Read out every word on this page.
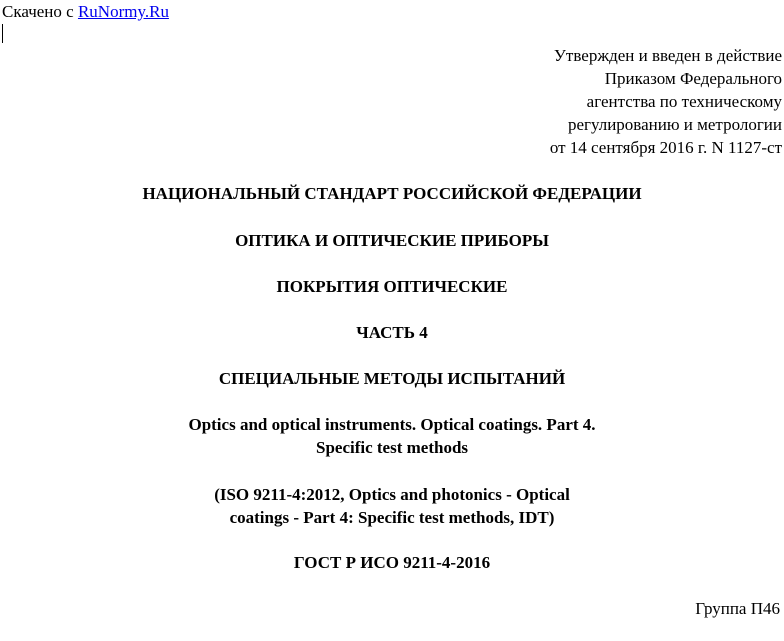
Скачено с RuNormy.Ru
Утвержден и введен в действие
Приказом Федерального
агентства по техническому
регулированию и метрологии
от 14 сентября 2016 г. N 1127-ст
НАЦИОНАЛЬНЫЙ СТАНДАРТ РОССИЙСКОЙ ФЕДЕРАЦИИ
ОПТИКА И ОПТИЧЕСКИЕ ПРИБОРЫ
ПОКРЫТИЯ ОПТИЧЕСКИЕ
ЧАСТЬ 4
СПЕЦИАЛЬНЫЕ МЕТОДЫ ИСПЫТАНИЙ
Optics and optical instruments. Optical coatings. Part 4.
Specific test methods
(ISO 9211-4:2012, Optics and photonics - Optical
coatings - Part 4: Specific test methods, IDT)
ГОСТ Р ИСО 9211-4-2016
Группа П46
